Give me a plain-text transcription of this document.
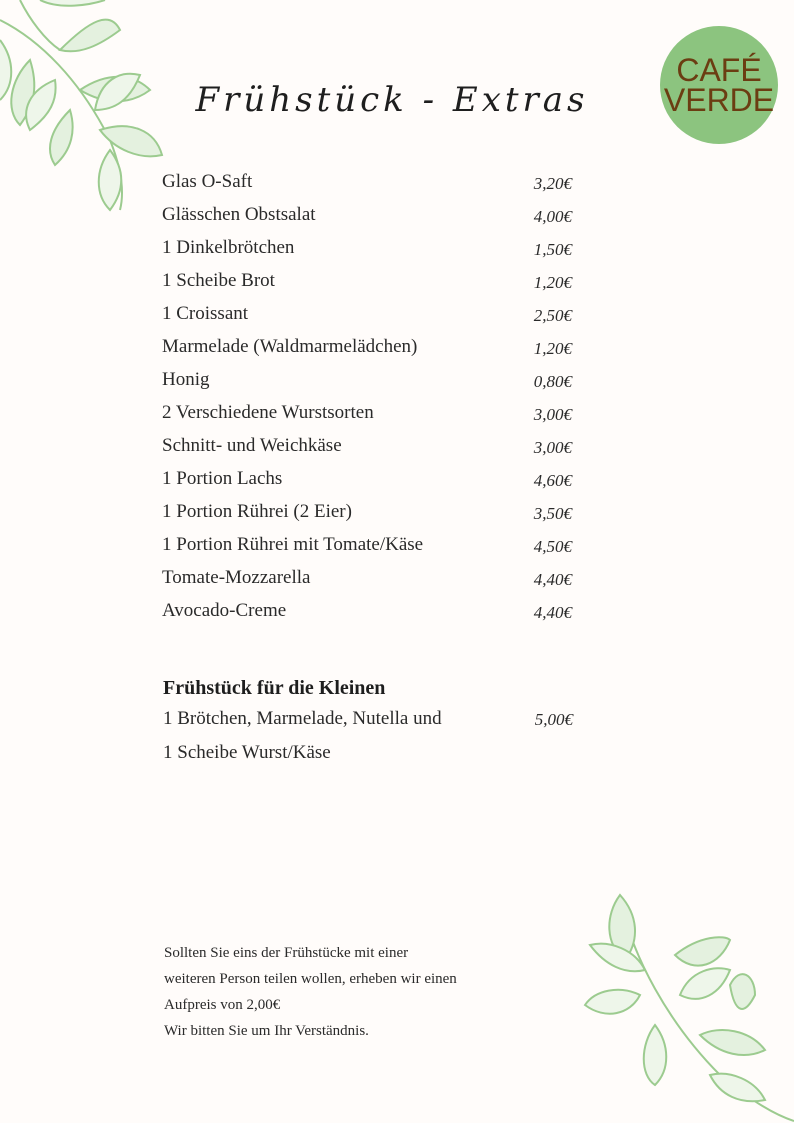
CAFÉ
VERDE
Frühstück - Extras
Glas O-Saft	3,20€
Glässchen Obstsalat	4,00€
1 Dinkelbrötchen	1,50€
1 Scheibe Brot	1,20€
1 Croissant	2,50€
Marmelade (Waldmarmelädchen)	1,20€
Honig	0,80€
2 Verschiedene Wurstsorten	3,00€
Schnitt- und Weichkäse	3,00€
1 Portion Lachs	4,60€
1 Portion Rührei (2 Eier)	3,50€
1 Portion Rührei mit Tomate/Käse	4,50€
Tomate-Mozzarella	4,40€
Avocado-Creme	4,40€
Frühstück für die Kleinen
1 Brötchen, Marmelade, Nutella und
1 Scheibe Wurst/Käse
5,00€
Sollten Sie eins der Frühstücke mit einer
weiteren Person teilen wollen, erheben wir einen
Aufpreis von 2,00€
Wir bitten Sie um Ihr Verständnis.
